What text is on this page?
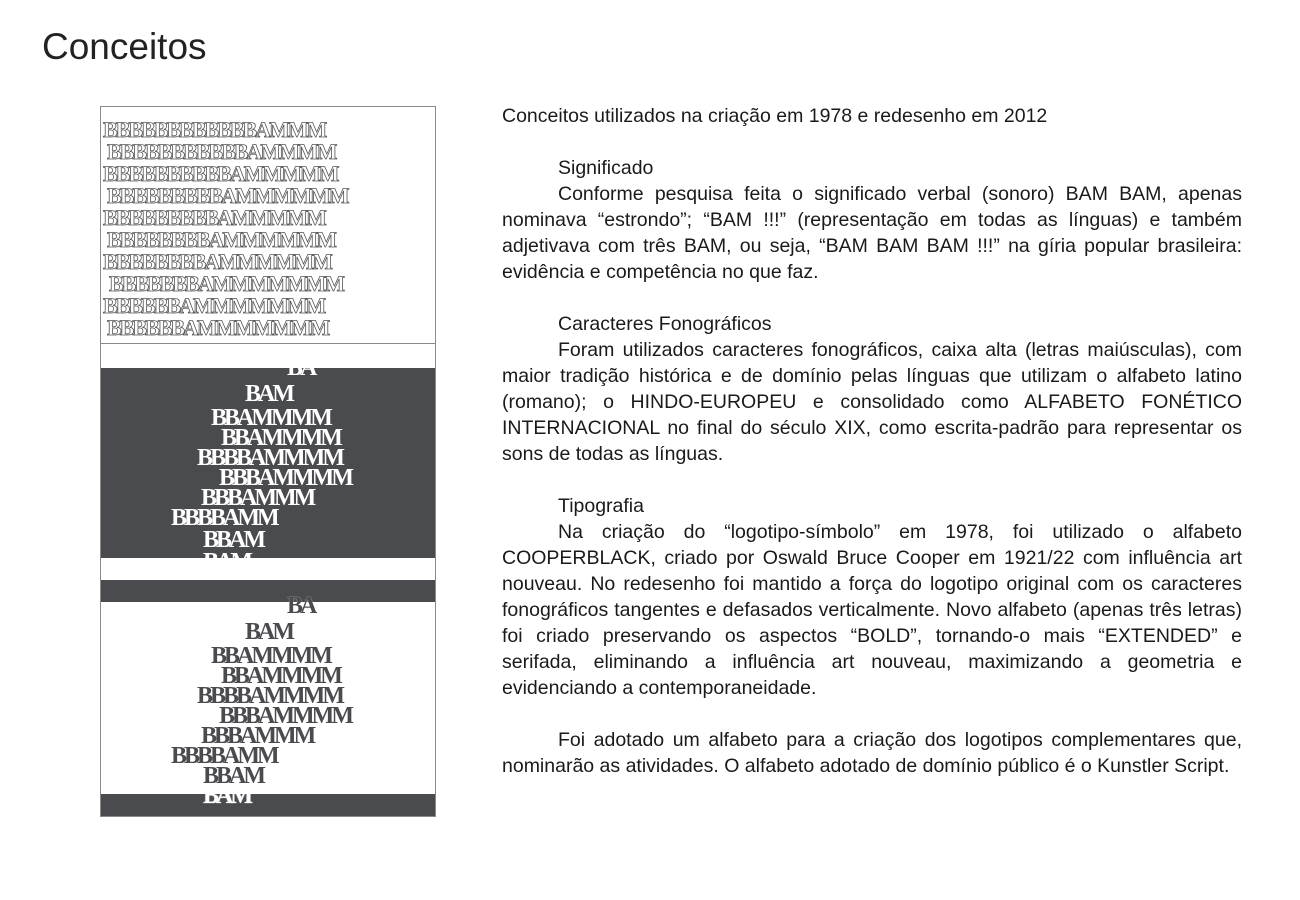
Conceitos
BBBBBBBBBBBBAMMM
BBBBBBBBBBBAMMMM
BBBBBBBBBBAMMMMM
BBBBBBBBBAMMMMMM
BBBBBBBBBAMMMMM
BBBBBBBBAMMMMMM
BBBBBBBBAMMMMMM
BBBBBBBAMMMMMMM
BBBBBBAMMMMMMM
BBBBBBAMMMMMMM
BA
BAM
BBAMMMM
BBAMMMM
BBBBAMMMM
BBBAMMMM
BBBAMMM
BBBBAMM
BBAM
BAM
BA
BAM
BBAMMMM
BBAMMMM
BBBBAMMMM
BBBAMMMM
BBBAMMM
BBBBAMM
BBAM
BAM

Conceitos utilizados na criação em 1978 e redesenho em 2012

Significado

Conforme pesquisa feita o significado verbal (sonoro) BAM BAM, apenas nominava “estrondo”; “BAM !!!” (representação em todas as línguas) e também adjetivava com três BAM, ou seja, “BAM BAM BAM !!!” na gíria popular brasileira: evidência e competência no que faz.

Caracteres Fonográficos

Foram utilizados caracteres fonográficos, caixa alta (letras maiúsculas), com maior tradição histórica e de domínio pelas línguas que utilizam o alfabeto latino (romano); o HINDO-EUROPEU e consolidado como ALFABETO FONÉTICO INTERNACIONAL no final do século XIX, como escrita-padrão para representar os sons de todas as línguas.

Tipografia

Na criação do “logotipo-símbolo” em 1978, foi utilizado o alfabeto COOPERBLACK, criado por Oswald Bruce Cooper em 1921/22 com influência art nouveau. No redesenho foi mantido a força do logotipo original com os caracteres fonográficos tangentes e defasados verticalmente. Novo alfabeto (apenas três letras) foi criado preservando os aspectos “BOLD”, tornando-o mais “EXTENDED” e serifada, eliminando a influência art nouveau, maximizando a geometria e evidenciando a contemporaneidade.

Foi adotado um alfabeto para a criação dos logotipos complementares que, nominarão as atividades. O alfabeto adotado de domínio público é o Kunstler Script.
